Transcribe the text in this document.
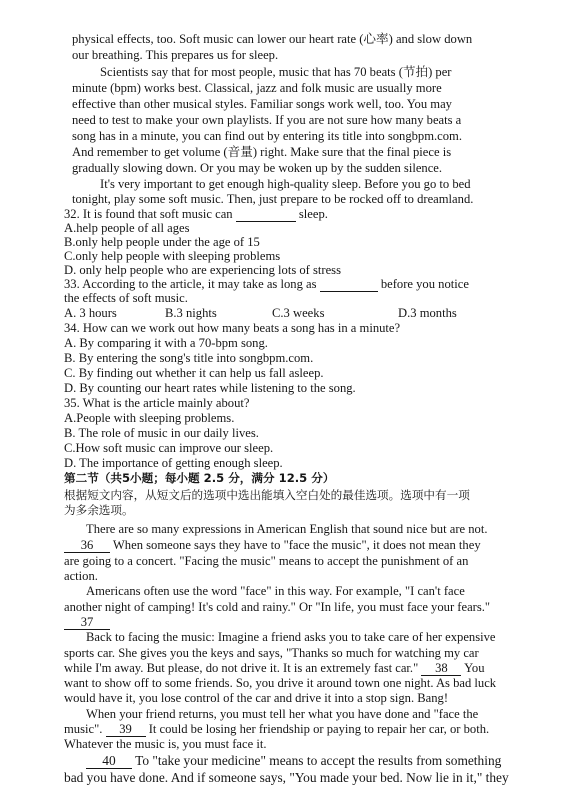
physical effects, too. Soft music can lower our heart rate (心率) and slow down
our breathing. This prepares us for sleep.
Scientists say that for most people, music that has 70 beats (节拍) per
minute (bpm) works best. Classical, jazz and folk music are usually more
effective than other musical styles. Familiar songs work well, too. You may
need to test to make your own playlists. If you are not sure how many beats a
song has in a minute, you can find out by entering its title into songbpm.com.
And remember to get volume (音量) right. Make sure that the final piece is
gradually slowing down. Or you may be woken up by the sudden silence.
It's very important to get enough high-quality sleep. Before you go to bed
tonight, play some soft music. Then, just prepare to be rocked off to dreamland.
32. It is found that soft music can	sleep.
A.help people of all ages
B.only help people under the age of 15
C.only help people with sleeping problems
D. only help people who are experiencing lots of stress
33. According to the article, it may take as long as	before you notice
the effects of soft music.
A. 3 hours	B.3 nights	C.3 weeks	D.3 months
34. How can we work out how many beats a song has in a minute?
A. By comparing it with a 70-bpm song.
B. By entering the song's title into songbpm.com.
C. By finding out whether it can help us fall asleep.
D. By counting our heart rates while listening to the song.
35. What is the article mainly about?
A.People with sleeping problems.
B. The role of music in our daily lives.
C.How soft music can improve our sleep.
D. The importance of getting enough sleep.
第二节（共5小题；每小题 2.5 分，满分 12.5 分）
根据短文内容，从短文后的选项中选出能填入空白处的最佳选项。选项中有一项
为多余选项。
There are so many expressions in American English that sound nice but are not.
36 When someone says they have to "face the music", it does not mean they
are going to a concert. "Facing the music" means to accept the punishment of an
action.
Americans often use the word "face" in this way. For example, "I can't face
another night of camping! It's cold and rainy." Or "In life, you must face your fears."
37
Back to facing the music: Imagine a friend asks you to take care of her expensive
sports car. She gives you the keys and says, "Thanks so much for watching my car
while I'm away. But please, do not drive it. It is an extremely fast car." 38 You
want to show off to some friends. So, you drive it around town one night. As bad luck
would have it, you lose control of the car and drive it into a stop sign. Bang!
When your friend returns, you must tell her what you have done and "face the
music". 39 It could be losing her friendship or paying to repair her car, or both.
Whatever the music is, you must face it.
40 To "take your medicine" means to accept the results from something
bad you have done. And if someone says, "You made your bed. Now lie in it," they
